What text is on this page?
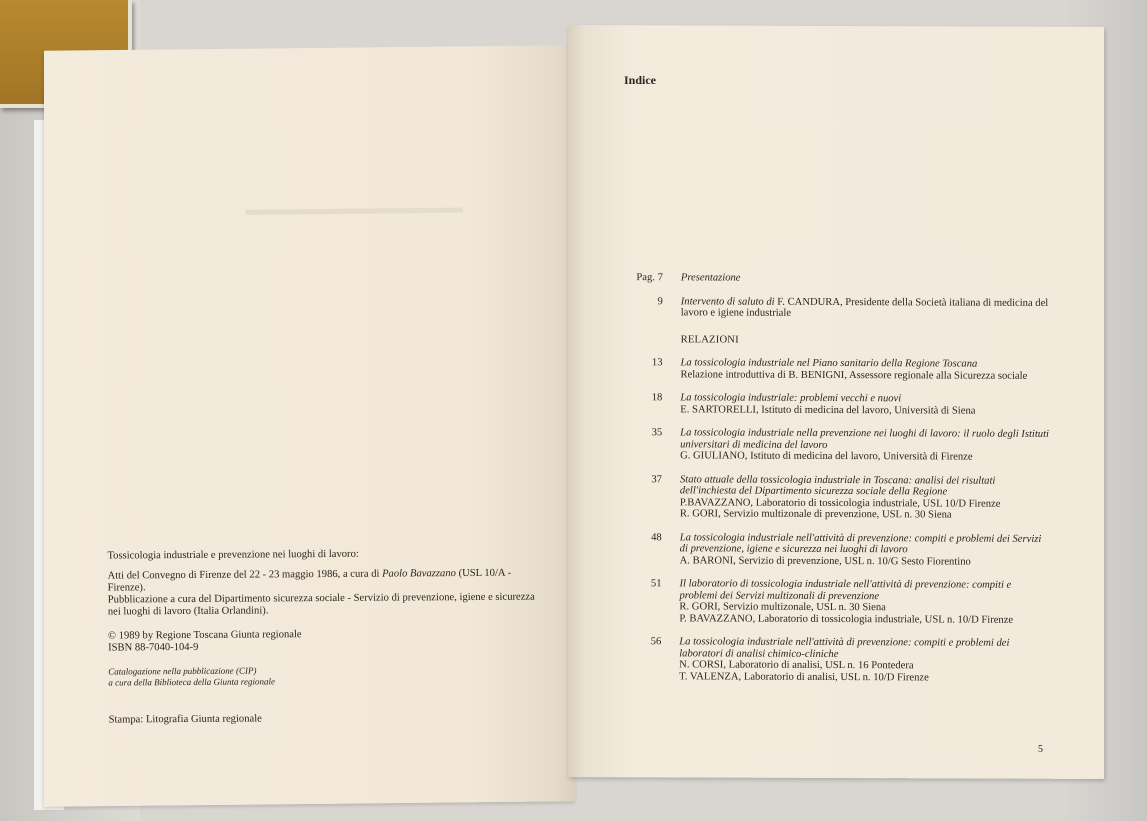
━━━━━━━━━━━━

Tossicologia industriale e prevenzione nei luoghi di lavoro:

Atti del Convegno di Firenze del 22 - 23 maggio 1986, a cura di Paolo Bavazzano (USL 10/A - Firenze).

Pubblicazione a cura del Dipartimento sicurezza sociale - Servizio di prevenzione, igiene e sicurezza nei luoghi di lavoro (Italia Orlandini).

© 1989 by Regione Toscana Giunta regionale

ISBN 88-7040-104-9

Catalogazione nella pubblicazione (CIP)

a cura della Biblioteca della Giunta regionale

Stampa: Litografia Giunta regionale

Indice
Pag. 7	Presentazione
9	Intervento di saluto di F. CANDURA, Presidente della Società italiana di medicina del lavoro e igiene industriale
RELAZIONI
13	La tossicologia industriale nel Piano sanitario della Regione Toscana
Relazione introduttiva di B. BENIGNI, Assessore regionale alla Sicurezza sociale
18	La tossicologia industriale: problemi vecchi e nuovi
E. SARTORELLI, Istituto di medicina del lavoro, Università di Siena
35	La tossicologia industriale nella prevenzione nei luoghi di lavoro: il ruolo degli Istituti universitari di medicina del lavoro
G. GIULIANO, Istituto di medicina del lavoro, Università di Firenze
37	Stato attuale della tossicologia industriale in Toscana: analisi dei risultati dell'inchiesta del Dipartimento sicurezza sociale della Regione
P.BAVAZZANO, Laboratorio di tossicologia industriale, USL 10/D Firenze
R. GORI, Servizio multizonale di prevenzione, USL n. 30 Siena
48	La tossicologia industriale nell'attività di prevenzione: compiti e problemi dei Servizi di prevenzione, igiene e sicurezza nei luoghi di lavoro
A. BARONI, Servizio di prevenzione, USL n. 10/G Sesto Fiorentino
51	Il laboratorio di tossicologia industriale nell'attività di prevenzione: compiti e problemi dei Servizi multizonali di prevenzione
R. GORI, Servizio multizonale, USL n. 30 Siena
P. BAVAZZANO, Laboratorio di tossicologia industriale, USL n. 10/D Firenze
56	La tossicologia industriale nell'attività di prevenzione: compiti e problemi dei laboratori di analisi chimico-cliniche
N. CORSI, Laboratorio di analisi, USL n. 16 Pontedera
T. VALENZA, Laboratorio di analisi, USL n. 10/D Firenze
5
